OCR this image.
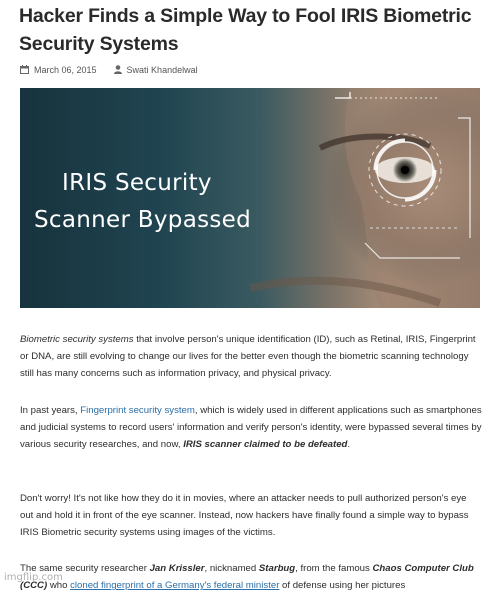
Hacker Finds a Simple Way to Fool IRIS Biometric Security Systems
March 06, 2015	Swati Khandelwal
IRIS Security
Scanner Bypassed
Biometric security systems that involve person's unique identification (ID), such as Retinal, IRIS, Fingerprint or DNA, are still evolving to change our lives for the better even though the biometric scanning technology still has many concerns such as information privacy, and physical privacy.
In past years, Fingerprint security system, which is widely used in different applications such as smartphones and judicial systems to record users' information and verify person's identity, were bypassed several times by various security researches, and now, IRIS scanner claimed to be defeated.
Don't worry! It's not like how they do it in movies, where an attacker needs to pull authorized person's eye out and hold it in front of the eye scanner. Instead, now hackers have finally found a simple way to bypass IRIS Biometric security systems using images of the victims.
The same security researcher Jan Krissler, nicknamed Starbug, from the famous Chaos Computer Club (CCC) who cloned fingerprint of a Germany's federal minister of defense using her pictures
imgflip.com
